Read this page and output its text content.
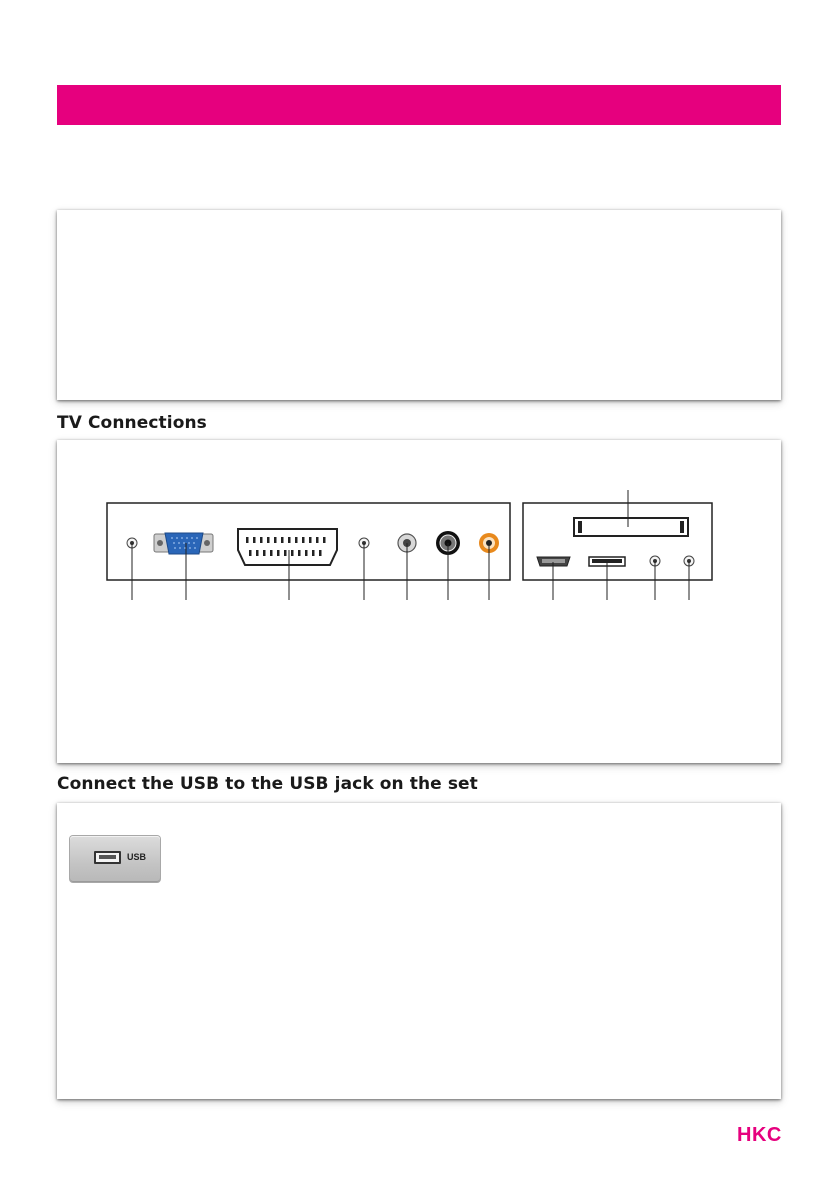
TV Connections
Connect the USB to the USB jack on the set
USB
HKC
